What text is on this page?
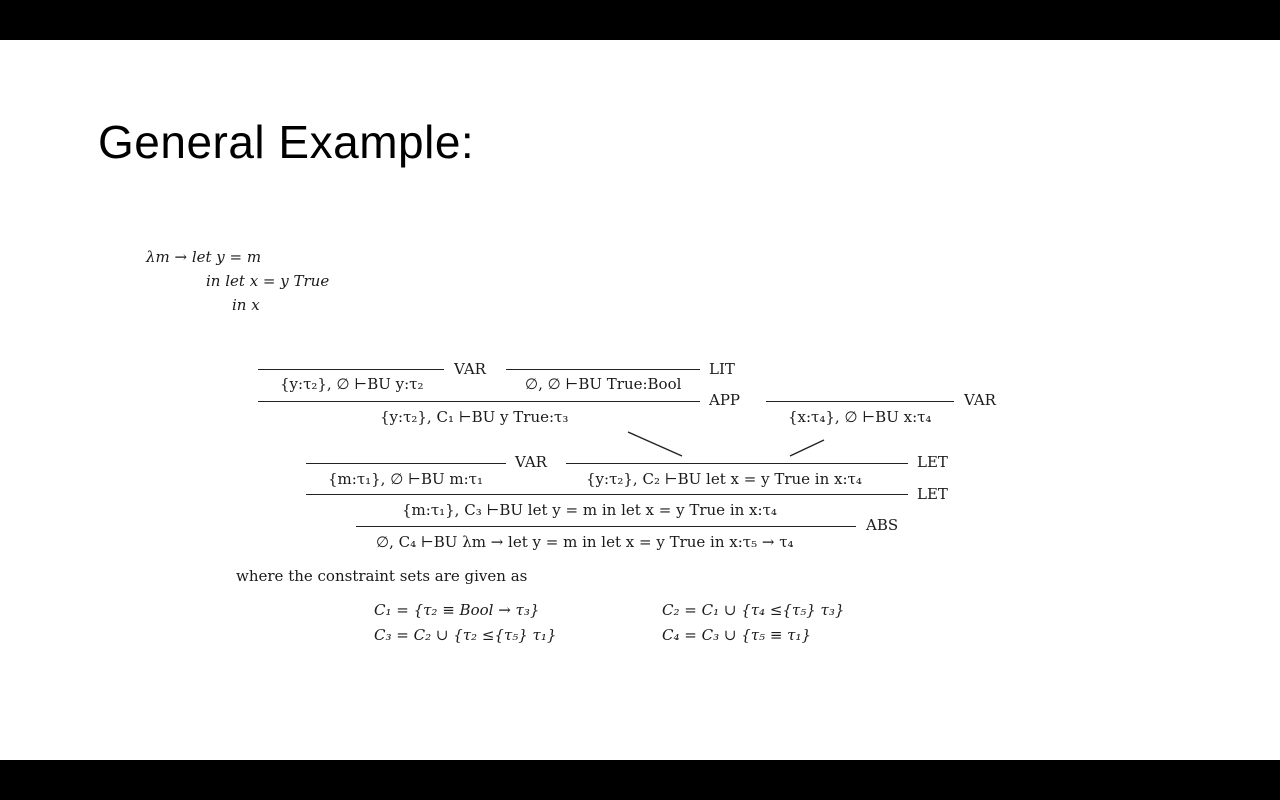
General Example:
λm → let y = m
in let x = y True
in x
{y:τ₂}, ∅ ⊢BU y:τ₂
VAR
∅, ∅ ⊢BU True:Bool
LIT
{y:τ₂}, C₁ ⊢BU y True:τ₃
APP
{x:τ₄}, ∅ ⊢BU x:τ₄
VAR
{m:τ₁}, ∅ ⊢BU m:τ₁
VAR
{y:τ₂}, C₂ ⊢BU let x = y True in x:τ₄
LET
LET
{m:τ₁}, C₃ ⊢BU let y = m in let x = y True in x:τ₄
∅, C₄ ⊢BU λm → let y = m in let x = y True in x:τ₅ → τ₄
ABS
where the constraint sets are given as
C₁ = {τ₂ ≡ Bool → τ₃}	C₂ = C₁ ∪ {τ₄ ≤{τ₅} τ₃}
C₃ = C₂ ∪ {τ₂ ≤{τ₅} τ₁}	C₄ = C₃ ∪ {τ₅ ≡ τ₁}
